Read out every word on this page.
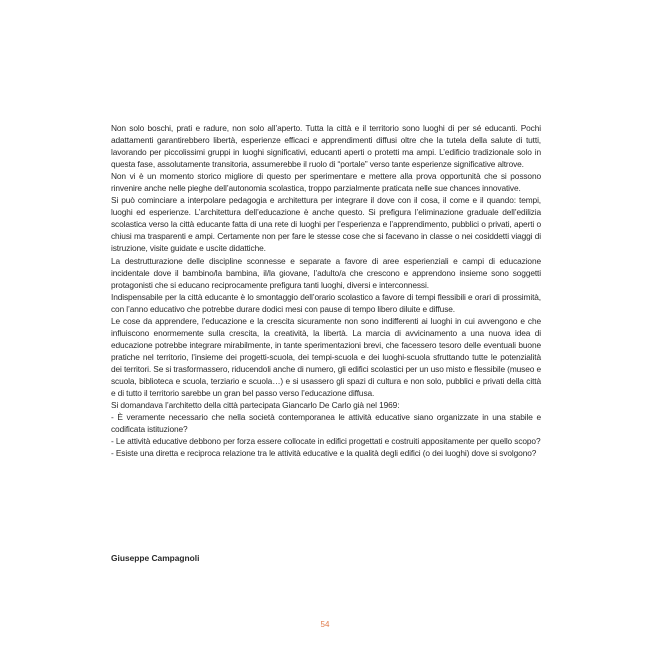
Non solo boschi, prati e radure, non solo all’aperto. Tutta la città e il territorio sono luoghi di per sé educanti. Pochi adattamenti garantirebbero libertà, esperienze efficaci e apprendimenti diffusi oltre che la tutela della salute di tutti, lavorando per piccolissimi gruppi in luoghi significativi, educanti aperti o protetti ma ampi. L’edificio tradizionale solo in questa fase, assolutamente transitoria, assumerebbe il ruolo di “portale” verso tante esperienze significative altrove.

Non vi è un momento storico migliore di questo per sperimentare e mettere alla prova opportunità che si possono rinvenire anche nelle pieghe dell’autonomia scolastica, troppo parzialmente praticata nelle sue chances innovative.

Si può cominciare a interpolare pedagogia e architettura per integrare il dove con il cosa, il come e il quando: tempi, luoghi ed esperienze. L’architettura dell’educazione è anche questo. Si prefigura l’eliminazione graduale dell’edilizia scolastica verso la città educante fatta di una rete di luoghi per l’esperienza e l’apprendimento, pubblici o privati, aperti o chiusi ma trasparenti e ampi. Certamente non per fare le stesse cose che si facevano in classe o nei cosiddetti viaggi di istruzione, visite guidate e uscite didattiche.

La destrutturazione delle discipline sconnesse e separate a favore di aree esperienziali e campi di educazione incidentale dove il bambino/la bambina, il/la giovane, l’adulto/a che crescono e apprendono insieme sono soggetti protagonisti che si educano reciprocamente prefigura tanti luoghi, diversi e interconnessi.

Indispensabile per la città educante è lo smontaggio dell’orario scolastico a favore di tempi flessibili e orari di prossimità, con l’anno educativo che potrebbe durare dodici mesi con pause di tempo libero diluite e diffuse.

Le cose da apprendere, l’educazione e la crescita sicuramente non sono indifferenti ai luoghi in cui avvengono e che influiscono enormemente sulla crescita, la creatività, la libertà. La marcia di avvicinamento a una nuova idea di educazione potrebbe integrare mirabilmente, in tante sperimentazioni brevi, che facessero tesoro delle eventuali buone pratiche nel territorio, l’insieme dei progetti-scuola, dei tempi-scuola e dei luoghi-scuola sfruttando tutte le potenzialità dei territori. Se si trasformassero, riducendoli anche di numero, gli edifici scolastici per un uso misto e flessibile (museo e scuola, biblioteca e scuola, terziario e scuola…) e si usassero gli spazi di cultura e non solo, pubblici e privati della città e di tutto il territorio sarebbe un gran bel passo verso l’educazione diffusa.

Si domandava l’architetto della città partecipata Giancarlo De Carlo già nel 1969:

- È veramente necessario che nella società contemporanea le attività educative siano organizzate in una stabile e codificata istituzione?

- Le attività educative debbono per forza essere collocate in edifici progettati e costruiti appositamente per quello scopo?

- Esiste una diretta e reciproca relazione tra le attività educative e la qualità degli edifici (o dei luoghi) dove si svolgono?

Giuseppe Campagnoli
54
